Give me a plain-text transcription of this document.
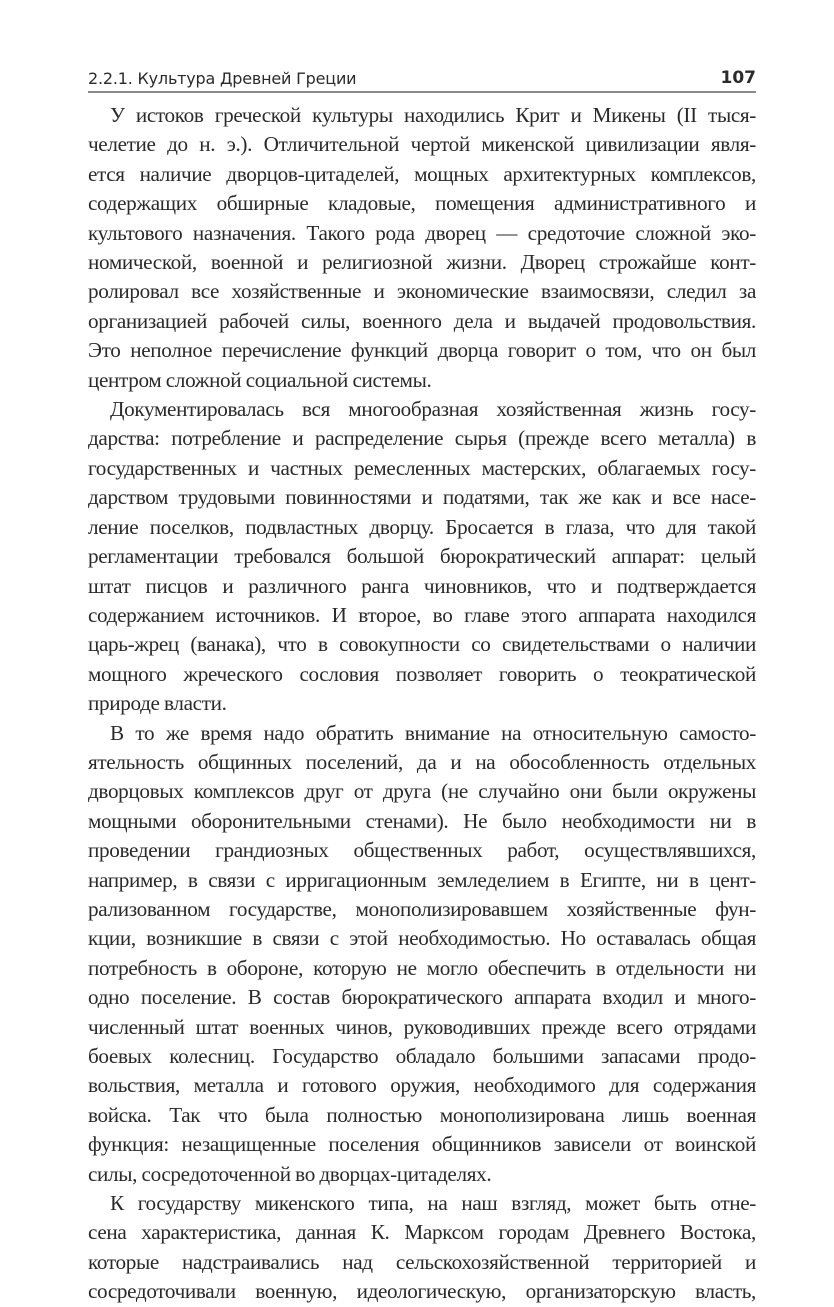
2.2.1. Культура Древней Греции	107
У истоков греческой культуры находились Крит и Микены (II тыся-
челетие до н. э.). Отличительной чертой микенской цивилизации явля-
ется наличие дворцов-цитаделей, мощных архитектурных комплексов,
содержащих обширные кладовые, помещения административного и
культового назначения. Такого рода дворец — средоточие сложной эко-
номической, военной и религиозной жизни. Дворец строжайше конт-
ролировал все хозяйственные и экономические взаимосвязи, следил за
организацией рабочей силы, военного дела и выдачей продовольствия.
Это неполное перечисление функций дворца говорит о том, что он был
центром сложной социальной системы.
Документировалась вся многообразная хозяйственная жизнь госу-
дарства: потребление и распределение сырья (прежде всего металла) в
государственных и частных ремесленных мастерских, облагаемых госу-
дарством трудовыми повинностями и податями, так же как и все насе-
ление поселков, подвластных дворцу. Бросается в глаза, что для такой
регламентации требовался большой бюрократический аппарат: целый
штат писцов и различного ранга чиновников, что и подтверждается
содержанием источников. И второе, во главе этого аппарата находился
царь-жрец (ванака), что в совокупности со свидетельствами о наличии
мощного жреческого сословия позволяет говорить о теократической
природе власти.
В то же время надо обратить внимание на относительную самосто-
ятельность общинных поселений, да и на обособленность отдельных
дворцовых комплексов друг от друга (не случайно они были окружены
мощными оборонительными стенами). Не было необходимости ни в
проведении грандиозных общественных работ, осуществлявшихся,
например, в связи с ирригационным земледелием в Египте, ни в цент-
рализованном государстве, монополизировавшем хозяйственные фун-
кции, возникшие в связи с этой необходимостью. Но оставалась общая
потребность в обороне, которую не могло обеспечить в отдельности ни
одно поселение. В состав бюрократического аппарата входил и много-
численный штат военных чинов, руководивших прежде всего отрядами
боевых колесниц. Государство обладало большими запасами продо-
вольствия, металла и готового оружия, необходимого для содержания
войска. Так что была полностью монополизирована лишь военная
функция: незащищенные поселения общинников зависели от воинской
силы, сосредоточенной во дворцах-цитаделях.
К государству микенского типа, на наш взгляд, может быть отне-
сена характеристика, данная К. Марксом городам Древнего Востока,
которые надстраивались над сельскохозяйственной территорией и
сосредоточивали военную, идеологическую, организаторскую власть,
